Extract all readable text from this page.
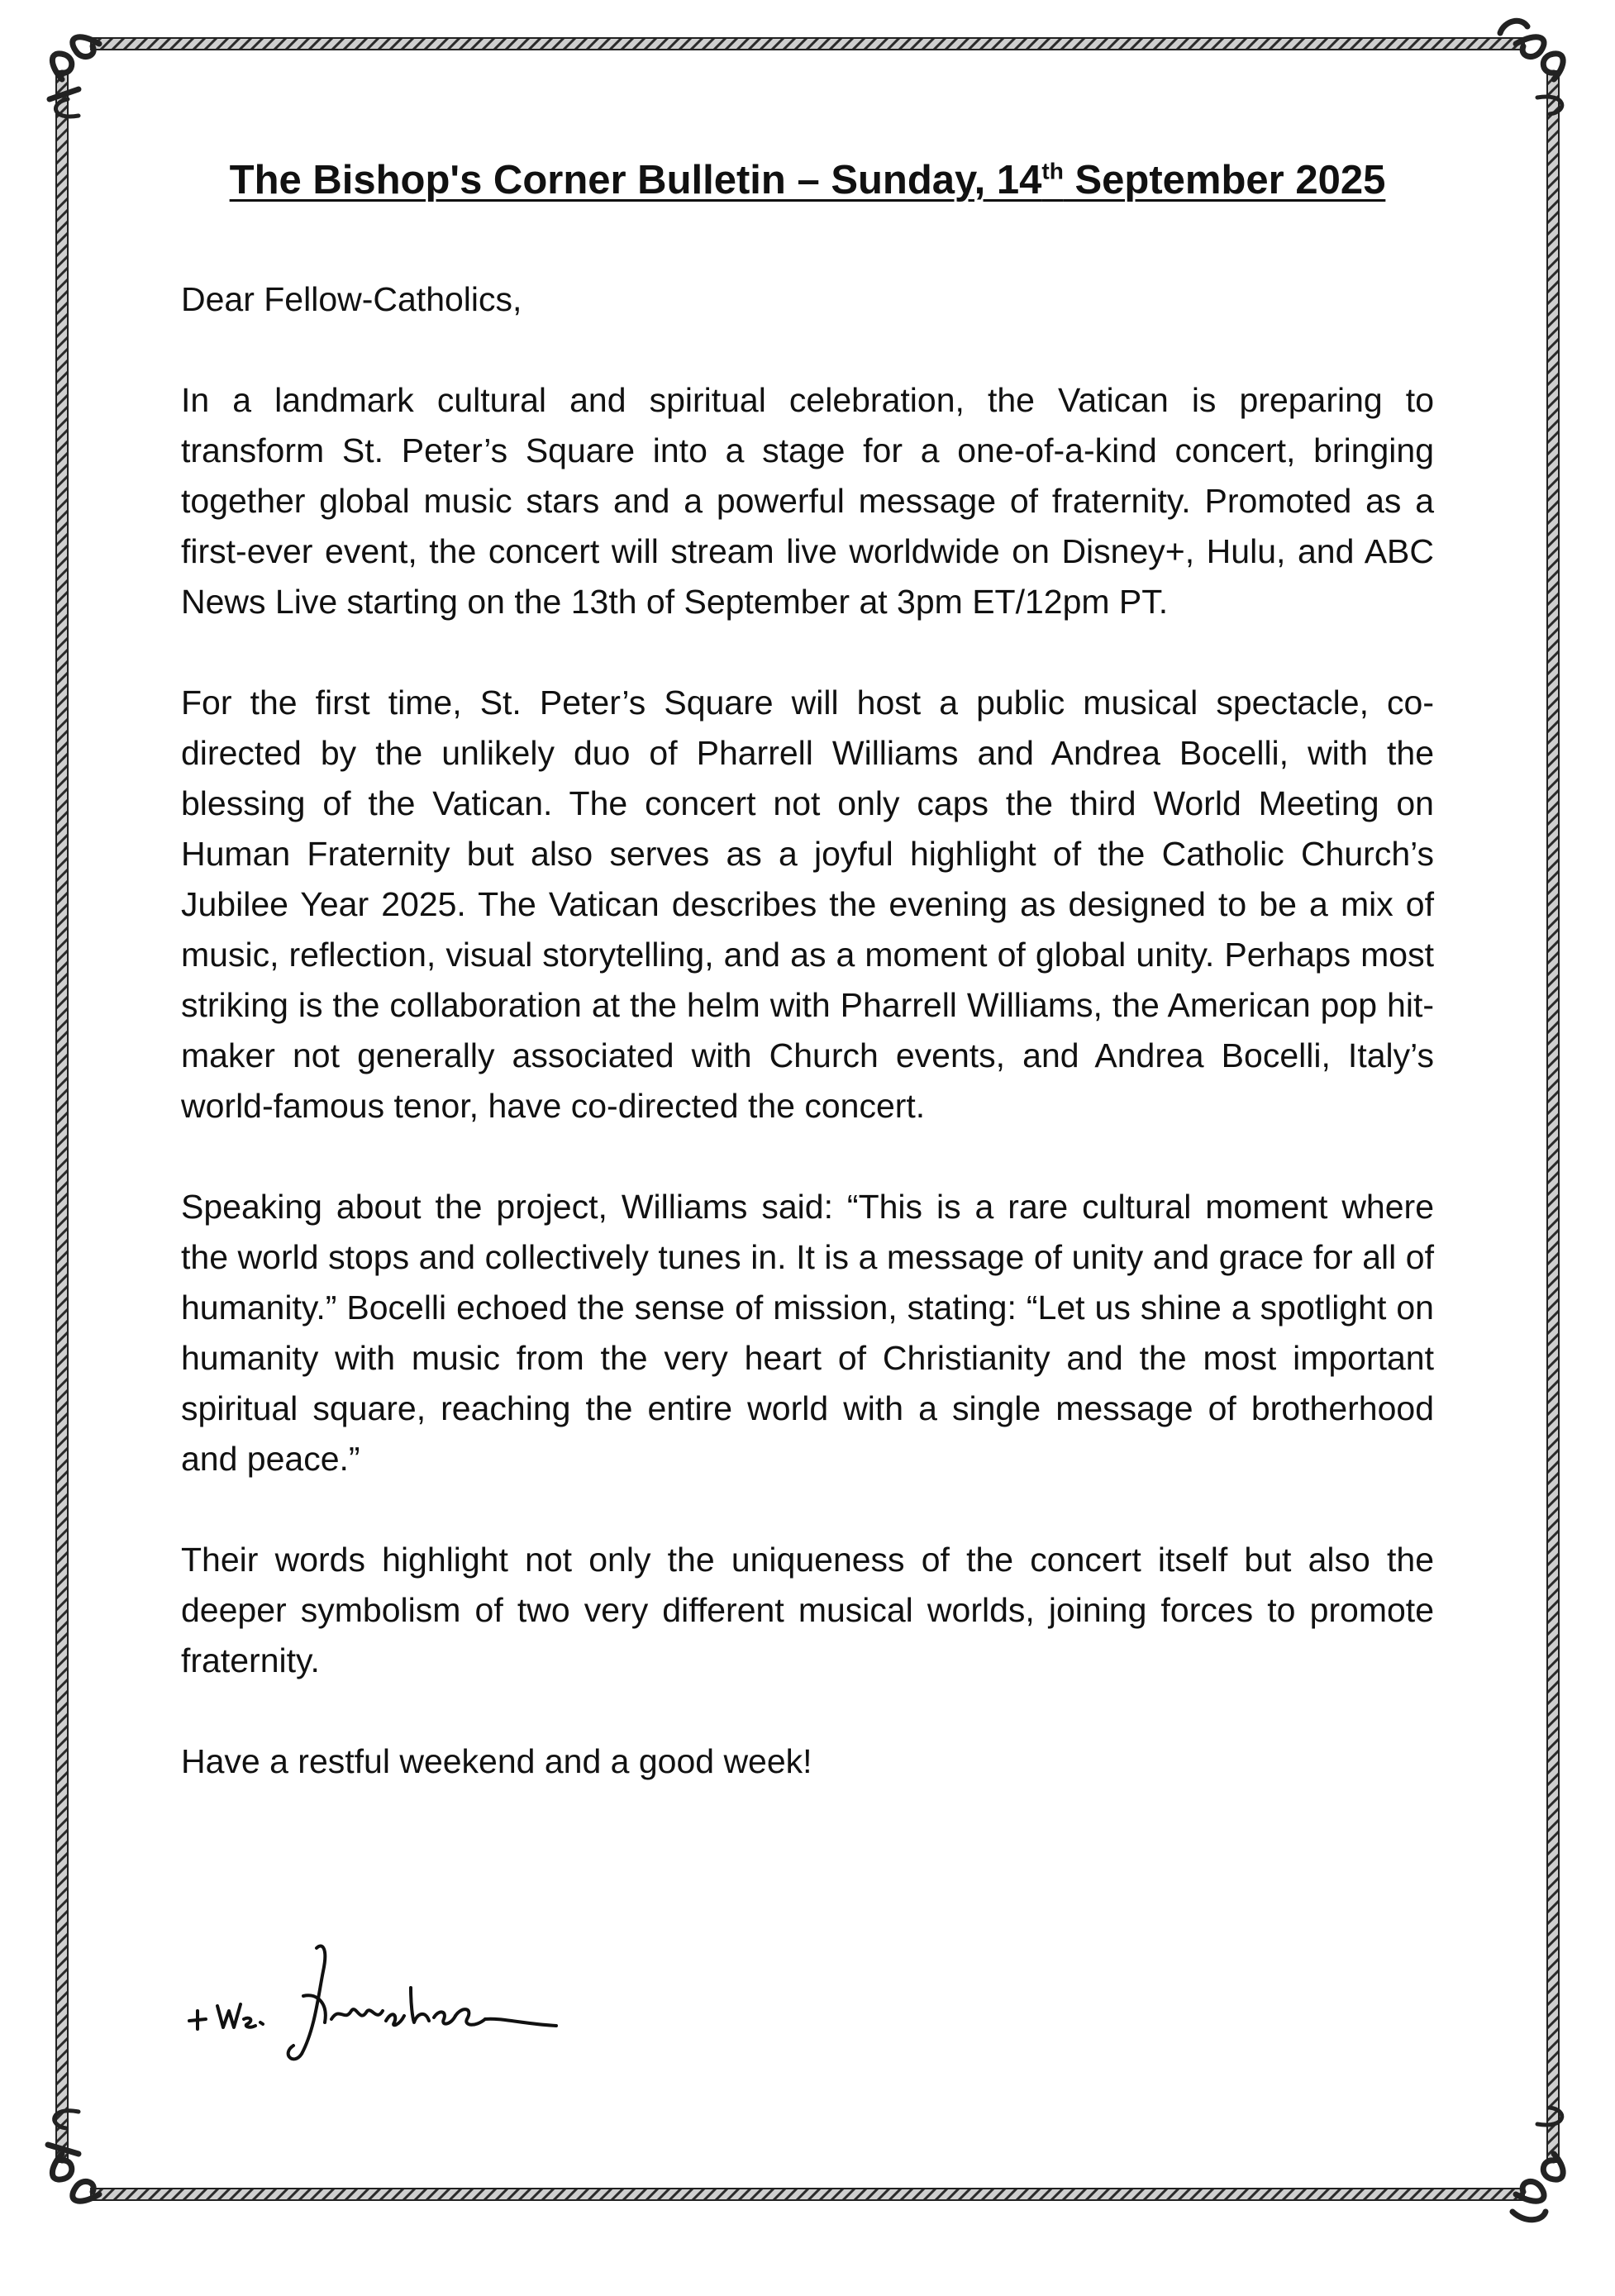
The Bishop's Corner Bulletin – Sunday, 14th September 2025

Dear Fellow-Catholics,

In a landmark cultural and spiritual celebration, the Vatican is preparing to transform St. Peter’s Square into a stage for a one-of-a-kind concert, bringing together global music stars and a powerful message of fraternity. Promoted as a first-ever event, the concert will stream live worldwide on Disney+, Hulu, and ABC News Live starting on the 13th of September at 3pm ET/12pm PT.

For the first time, St. Peter’s Square will host a public musical spectacle, co-directed by the unlikely duo of Pharrell Williams and Andrea Bocelli, with the blessing of the Vatican. The concert not only caps the third World Meeting on Human Fraternity but also serves as a joyful highlight of the Catholic Church’s Jubilee Year 2025. The Vatican describes the evening as designed to be a mix of music, reflection, visual storytelling, and as a moment of global unity. Perhaps most striking is the collaboration at the helm with Pharrell Williams, the American pop hit-maker not generally associated with Church events, and Andrea Bocelli, Italy’s world-famous tenor, have co-directed the concert.

Speaking about the project, Williams said: “This is a rare cultural moment where the world stops and collectively tunes in. It is a message of unity and grace for all of humanity.” Bocelli echoed the sense of mission, stating: “Let us shine a spotlight on humanity with music from the very heart of Christianity and the most important spiritual square, reaching the entire world with a single message of brotherhood and peace.”

Their words highlight not only the uniqueness of the concert itself but also the deeper symbolism of two very different musical worlds, joining forces to promote fraternity.

Have a restful weekend and a good week!
